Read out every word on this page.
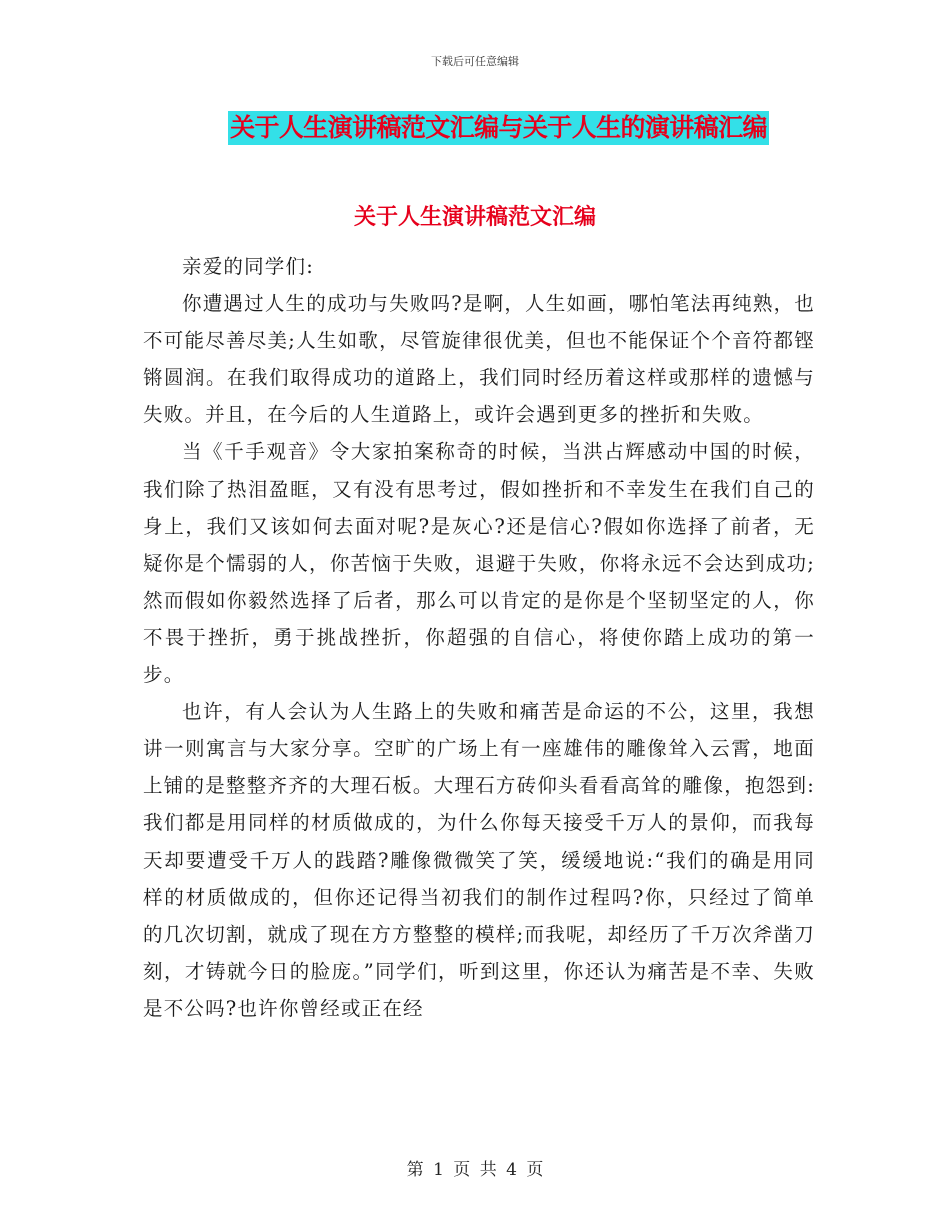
下载后可任意编辑
关于人生演讲稿范文汇编与关于人生的演讲稿汇编
关于人生演讲稿范文汇编

亲爱的同学们:

你遭遇过人生的成功与失败吗?是啊，人生如画，哪怕笔法再纯熟，也不可能尽善尽美;人生如歌，尽管旋律很优美，但也不能保证个个音符都铿锵圆润。在我们取得成功的道路上，我们同时经历着这样或那样的遗憾与失败。并且，在今后的人生道路上，或许会遇到更多的挫折和失败。

当《千手观音》令大家拍案称奇的时候，当洪占辉感动中国的时候，我们除了热泪盈眶，又有没有思考过，假如挫折和不幸发生在我们自己的身上，我们又该如何去面对呢?是灰心?还是信心?假如你选择了前者，无疑你是个懦弱的人，你苦恼于失败，退避于失败，你将永远不会达到成功;然而假如你毅然选择了后者，那么可以肯定的是你是个坚韧坚定的人，你不畏于挫折，勇于挑战挫折，你超强的自信心，将使你踏上成功的第一步。

也许，有人会认为人生路上的失败和痛苦是命运的不公，这里，我想讲一则寓言与大家分享。空旷的广场上有一座雄伟的雕像耸入云霄，地面上铺的是整整齐齐的大理石板。大理石方砖仰头看看高耸的雕像，抱怨到:我们都是用同样的材质做成的，为什么你每天接受千万人的景仰，而我每天却要遭受千万人的践踏?雕像微微笑了笑，缓缓地说:“我们的确是用同样的材质做成的，但你还记得当初我们的制作过程吗?你，只经过了简单的几次切割，就成了现在方方整整的模样;而我呢，却经历了千万次斧凿刀刻，才铸就今日的脸庞。”同学们，听到这里，你还认为痛苦是不幸、失败是不公吗?也许你曾经或正在经

第 1 页 共 4 页
